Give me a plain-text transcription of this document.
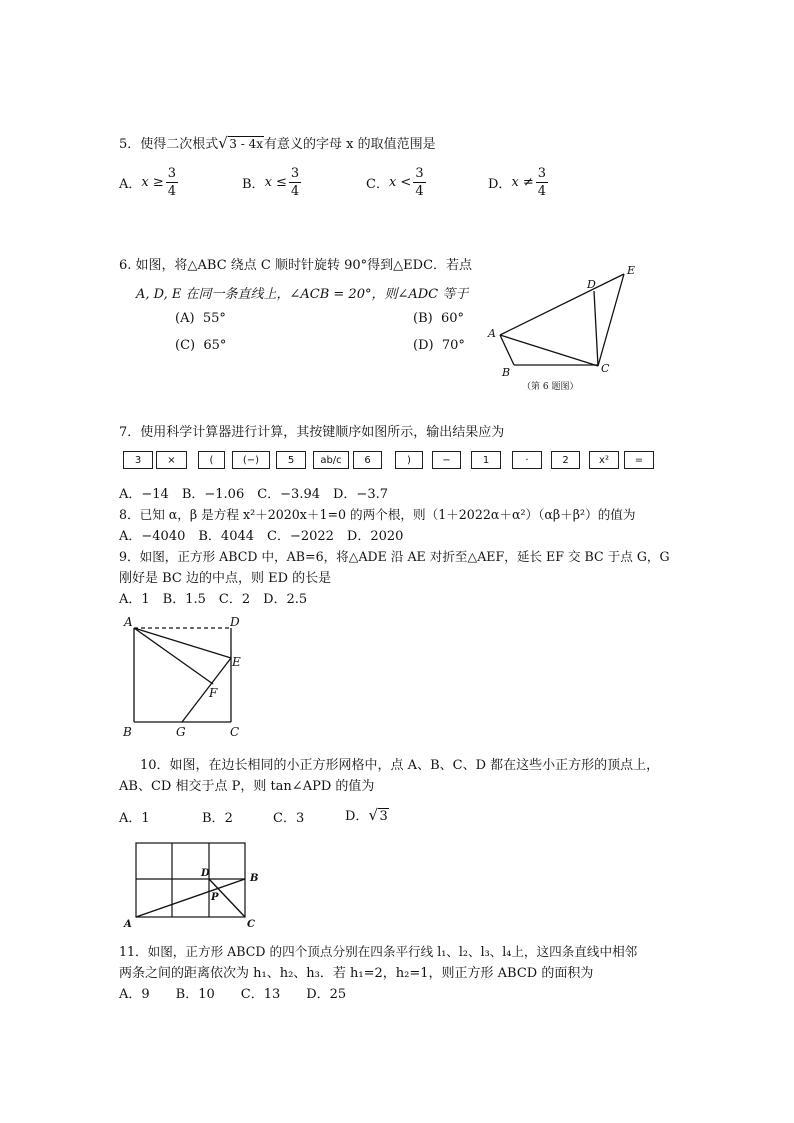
5．使得二次根式 √ 3 - 4x有意义的字母 x 的取值范围是
A． $x \ge \frac{3}{4}$	B． $x \le \frac{3}{4}$	C． $x < \frac{3}{4}$	D． $x \ne \frac{3}{4}$
6. 如图，将△ABC 绕点 C 顺时针旋转 90°得到△EDC．若点
A, D, E 在同一条直线上，∠ACB = 20°，则∠ADC 等于
(A) 55°	(B) 60°
(C) 65°	(D) 70°
A
B	C
D
E
（第 6 题图）
7．使用科学计算器进行计算，其按键顺序如图所示，输出结果应为
3	×	(	(−)	5	ab/c	6	)	−	1	·	2	x²	=
A．−14　B．−1.06　C．−3.94　D．−3.7
8．已知 α，β 是方程 x²＋2020x＋1=0 的两个根，则（1＋2022α＋α²）（αβ＋β²）的值为
A．−4040　B．4044　C．−2022　D．2020
9．如图，正方形 ABCD 中，AB=6，将△ADE 沿 AE 对折至△AEF，延长 EF 交 BC 于点 G，G
刚好是 BC 边的中点，则 ED 的长是
A．1　B．1.5　C．2　D．2.5
A	D
E
F
B	G	C
10．如图，在边长相同的小正方形网格中，点 A、B、C、D 都在这些小正方形的顶点上，
AB、CD 相交于点 P，则 tan∠APD 的值为
A．1	B．2	C．3	D． √ 3
D	B
P
A	C
11．如图，正方形 ABCD 的四个顶点分别在四条平行线 l₁、l₂、l₃、l₄上，这四条直线中相邻
两条之间的距离依次为 h₁、h₂、h₃．若 h₁=2，h₂=1，则正方形 ABCD 的面积为
A．9　　B．10　　C．13　　D．25
